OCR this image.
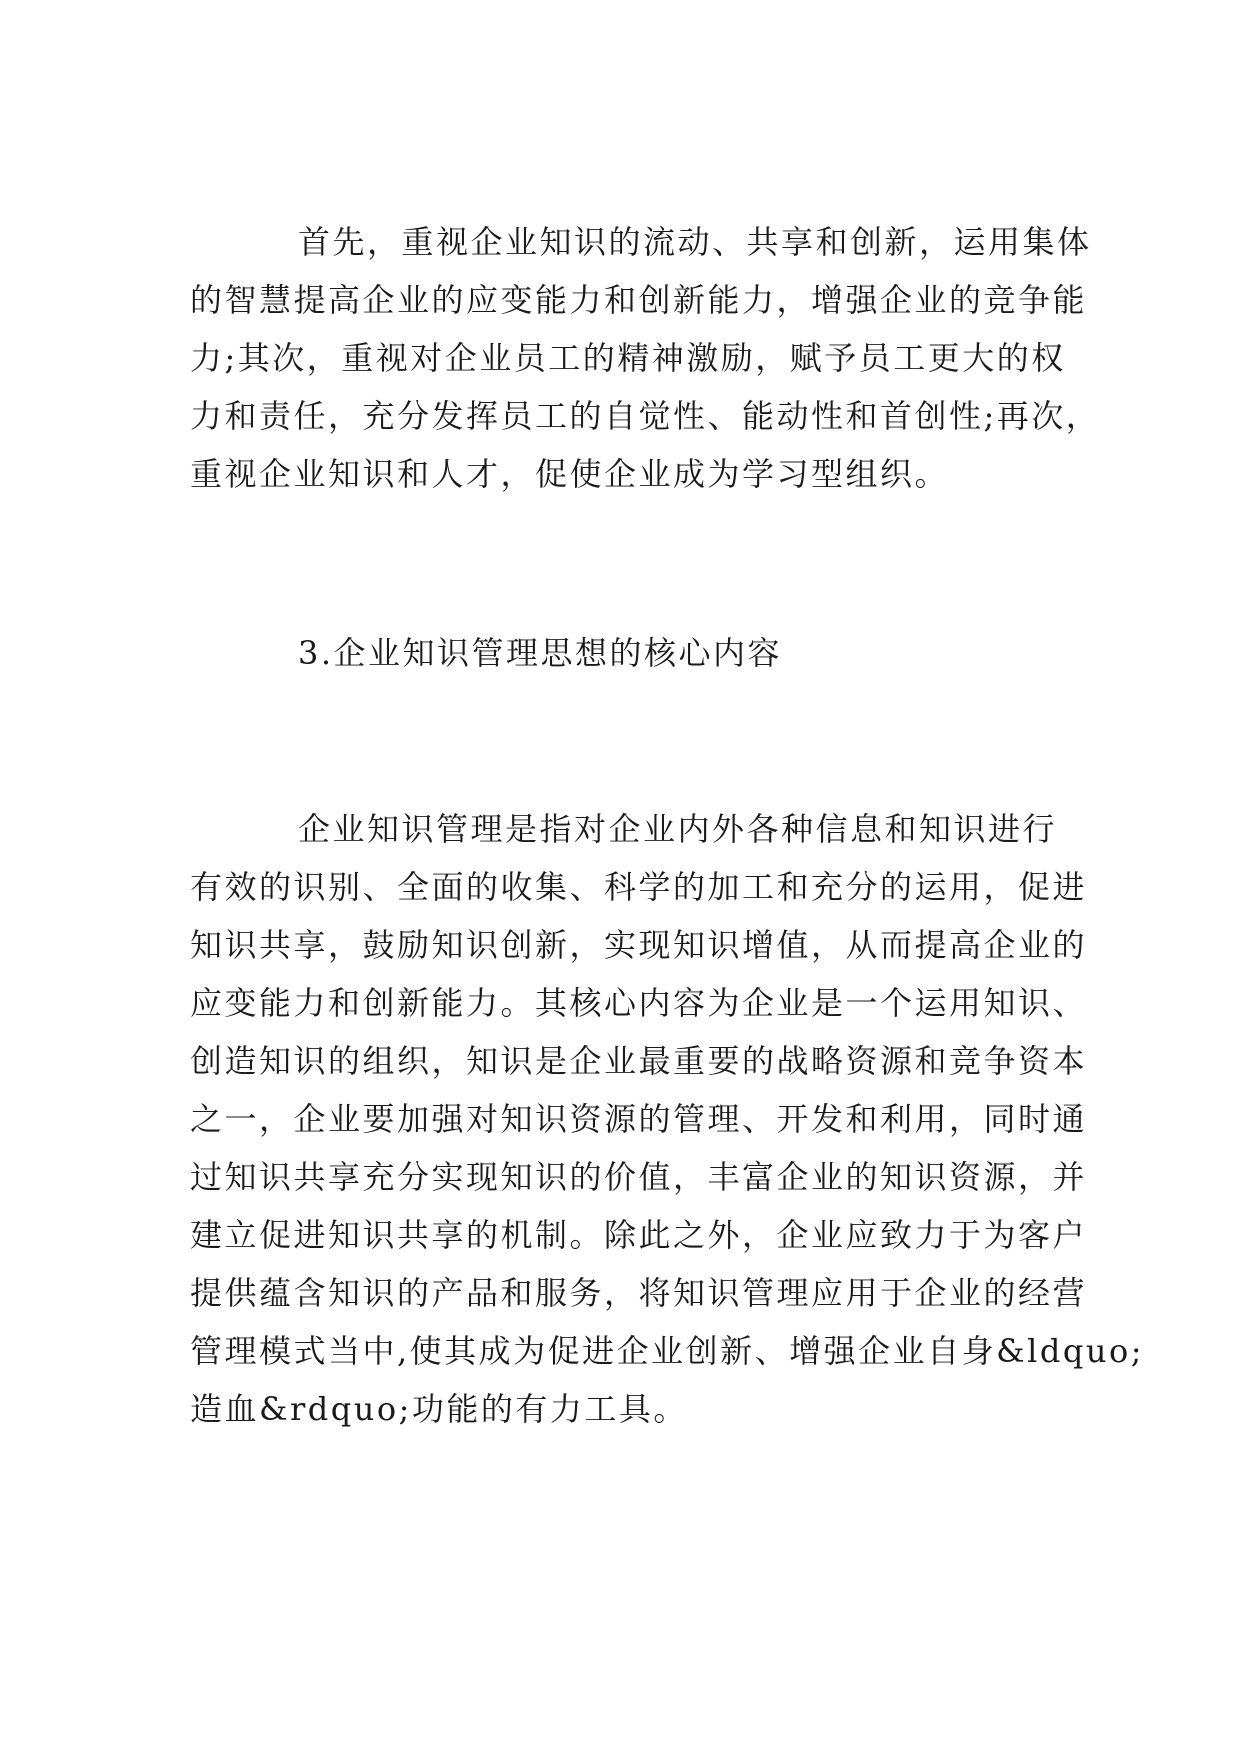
首先，重视企业知识的流动、共享和创新，运用集体
的智慧提高企业的应变能力和创新能力，增强企业的竞争能
力;其次，重视对企业员工的精神激励，赋予员工更大的权
力和责任，充分发挥员工的自觉性、能动性和首创性;再次，
重视企业知识和人才，促使企业成为学习型组织。
3.企业知识管理思想的核心内容
企业知识管理是指对企业内外各种信息和知识进行
有效的识别、全面的收集、科学的加工和充分的运用，促进
知识共享，鼓励知识创新，实现知识增值，从而提高企业的
应变能力和创新能力。其核心内容为企业是一个运用知识、
创造知识的组织，知识是企业最重要的战略资源和竞争资本
之一，企业要加强对知识资源的管理、开发和利用，同时通
过知识共享充分实现知识的价值，丰富企业的知识资源，并
建立促进知识共享的机制。除此之外，企业应致力于为客户
提供蕴含知识的产品和服务，将知识管理应用于企业的经营
管理模式当中,使其成为促进企业创新、增强企业自身&ldquo;
造血&rdquo;功能的有力工具。
